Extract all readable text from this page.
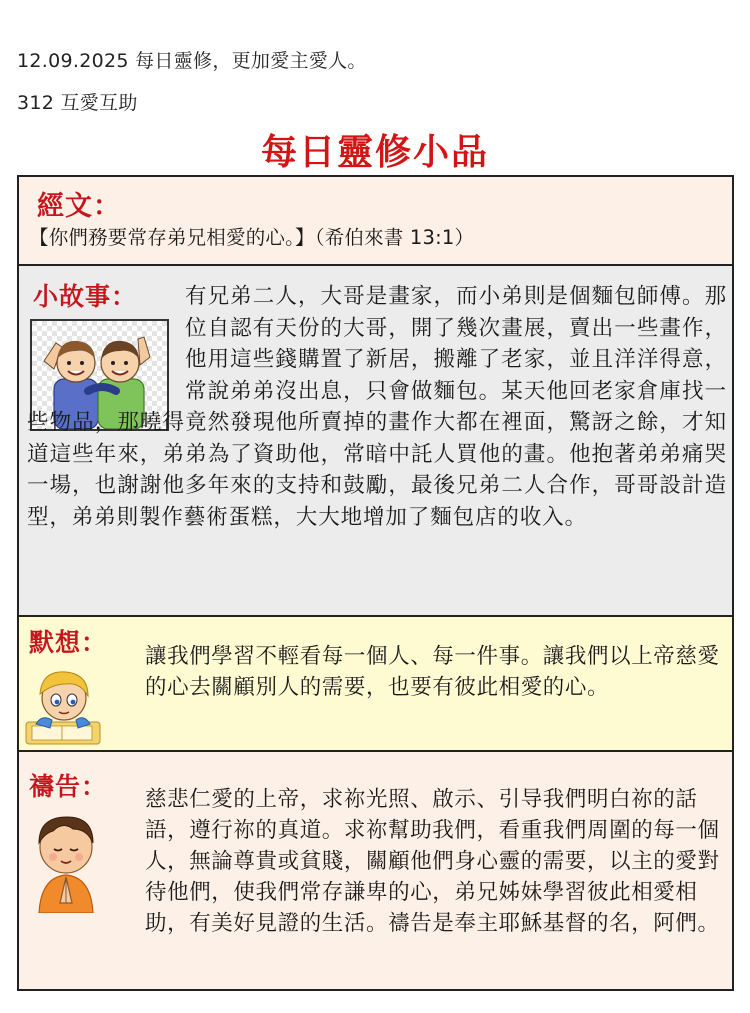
12.09.2025 每日靈修，更加愛主愛人。
312 互愛互助
每日靈修小品
經文：
【你們務要常存弟兄相愛的心。】（希伯來書 13:1）
小故事：	有兄弟二人，大哥是畫家，而小弟則是個麵包師傅。那位自認有天份的大哥，開了幾次畫展，賣出一些畫作，他用這些錢購置了新居，搬離了老家，並且洋洋得意，常說弟弟沒出息，只會做麵包。某天他回老家倉庫找一些物品，那曉得竟然發現他所賣掉的畫作大都在裡面，驚訝之餘，才知道這些年來，弟弟為了資助他，常暗中託人買他的畫。他抱著弟弟痛哭一場，也謝謝他多年來的支持和鼓勵，最後兄弟二人合作，哥哥設計造型，弟弟則製作藝術蛋糕，大大地增加了麵包店的收入。
默想： 讓我們學習不輕看每一個人、每一件事。讓我們以上帝慈愛的心去關顧別人的需要，也要有彼此相愛的心。
禱告： 慈悲仁愛的上帝，求祢光照、啟示、引导我們明白祢的話語，遵行祢的真道。求祢幫助我們，看重我們周圍的每一個人，無論尊貴或貧賤，關顧他們身心靈的需要，以主的愛對待他們，使我們常存謙卑的心，弟兄姊妹學習彼此相愛相助，有美好見證的生活。禱告是奉主耶穌基督的名，阿們。
